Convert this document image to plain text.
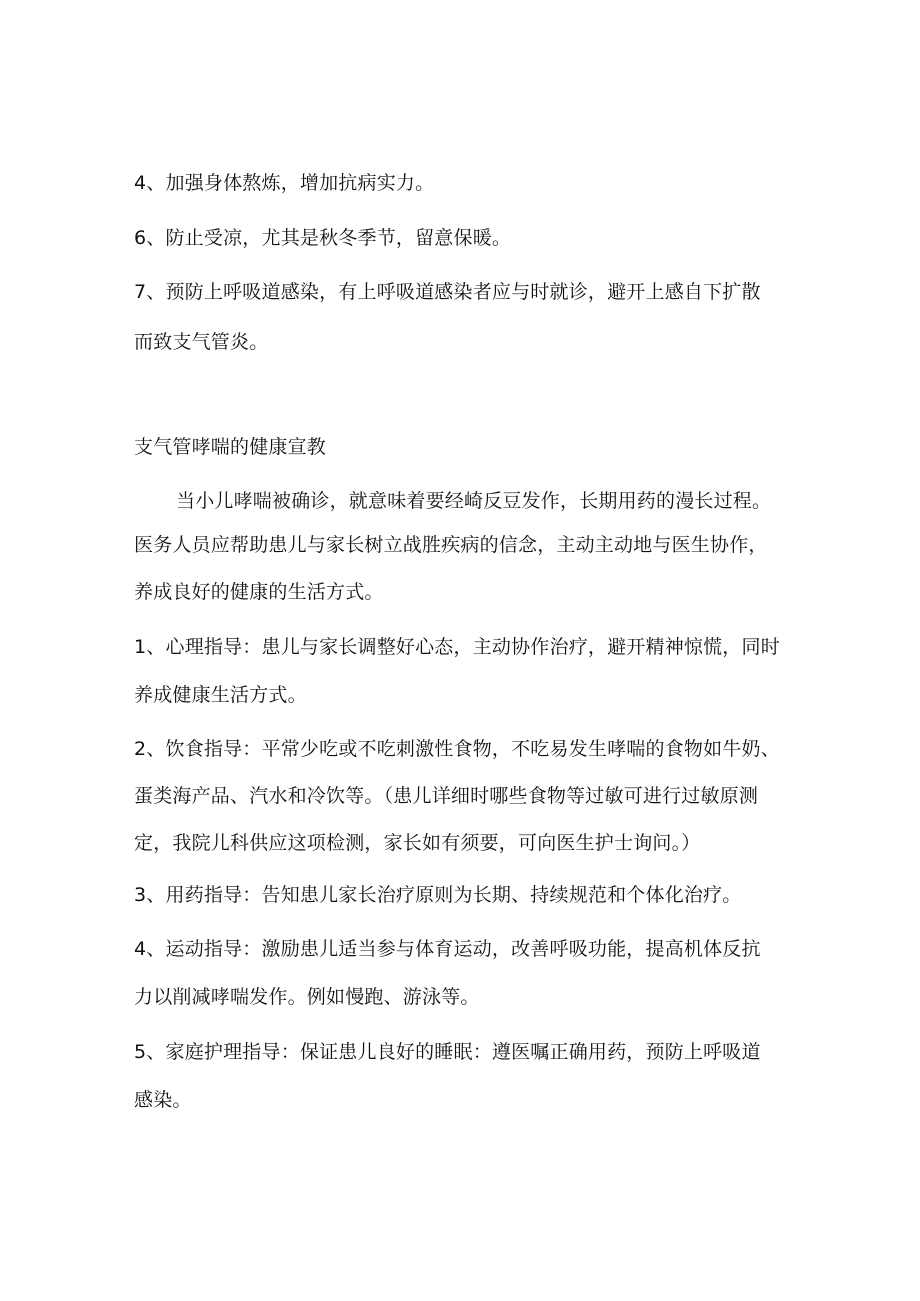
4、加强身体熬炼，增加抗病实力。
6、防止受凉，尤其是秋冬季节，留意保暖。
7、预防上呼吸道感染，有上呼吸道感染者应与时就诊，避开上感自下扩散
而致支气管炎。
支气管哮喘的健康宣教
当小儿哮喘被确诊，就意味着要经崎反豆发作，长期用药的漫长过程。
医务人员应帮助患儿与家长树立战胜疾病的信念，主动主动地与医生协作，
养成良好的健康的生活方式。
1、心理指导：患儿与家长调整好心态，主动协作治疗，避开精神惊慌，同时
养成健康生活方式。
2、饮食指导：平常少吃或不吃刺激性食物，不吃易发生哮喘的食物如牛奶、
蛋类海产品、汽水和冷饮等。（患儿详细时哪些食物等过敏可进行过敏原测
定，我院儿科供应这项检测，家长如有须要，可向医生护士询问。）
3、用药指导：告知患儿家长治疗原则为长期、持续规范和个体化治疗。
4、运动指导：激励患儿适当参与体育运动，改善呼吸功能，提高机体反抗
力以削减哮喘发作。例如慢跑、游泳等。
5、家庭护理指导：保证患儿良好的睡眠：遵医嘱正确用药，预防上呼吸道
感染。
